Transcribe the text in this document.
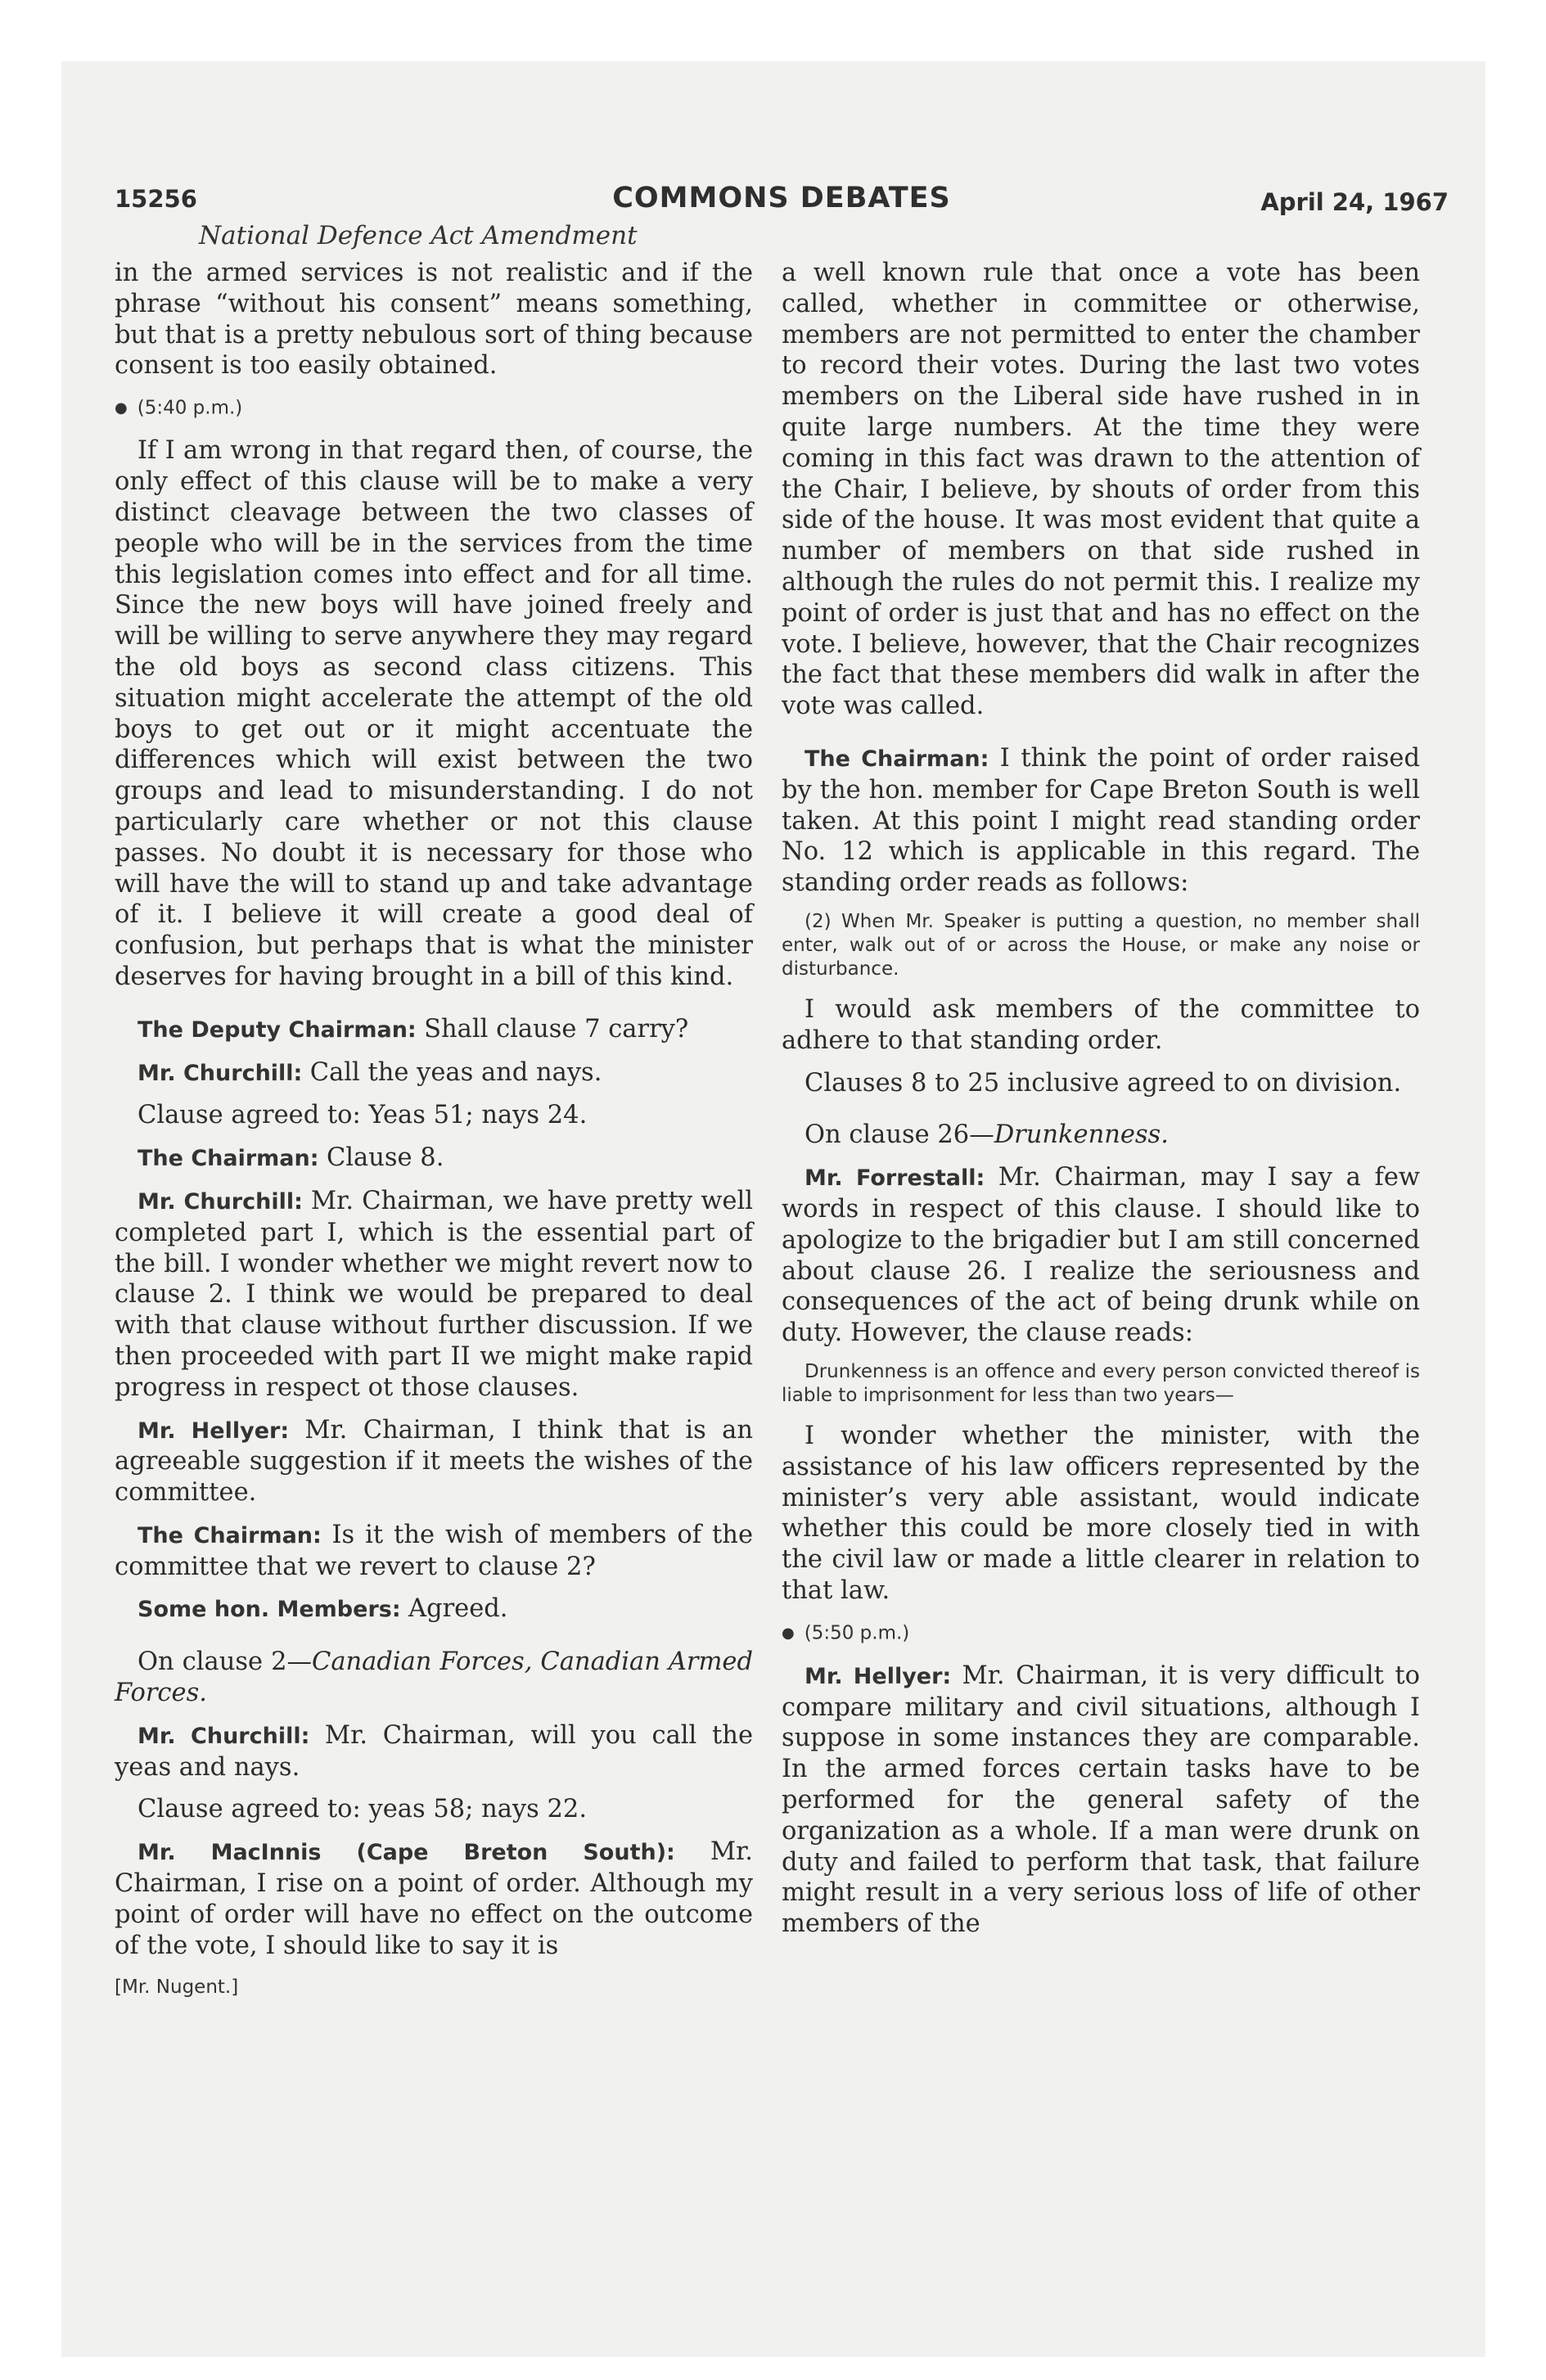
15256	COMMONS DEBATES	April 24, 1967
National Defence Act Amendment

in the armed services is not realistic and if the phrase “without his consent” means something, but that is a pretty nebulous sort of thing because consent is too easily obtained.

● (5:40 p.m.)

If I am wrong in that regard then, of course, the only effect of this clause will be to make a very distinct cleavage between the two classes of people who will be in the services from the time this legislation comes into effect and for all time. Since the new boys will have joined freely and will be willing to serve anywhere they may regard the old boys as second class citizens. This situation might accelerate the attempt of the old boys to get out or it might accentuate the differences which will exist between the two groups and lead to misunderstanding. I do not particularly care whether or not this clause passes. No doubt it is necessary for those who will have the will to stand up and take advantage of it. I believe it will create a good deal of confusion, but perhaps that is what the minister deserves for having brought in a bill of this kind.

The Deputy Chairman: Shall clause 7 carry?

Mr. Churchill: Call the yeas and nays.

Clause agreed to: Yeas 51; nays 24.

The Chairman: Clause 8.

Mr. Churchill: Mr. Chairman, we have pretty well completed part I, which is the essential part of the bill. I wonder whether we might revert now to clause 2. I think we would be prepared to deal with that clause without further discussion. If we then proceeded with part II we might make rapid progress in respect ot those clauses.

Mr. Hellyer: Mr. Chairman, I think that is an agreeable suggestion if it meets the wishes of the committee.

The Chairman: Is it the wish of members of the committee that we revert to clause 2?

Some hon. Members: Agreed.

On clause 2—Canadian Forces, Canadian Armed Forces.

Mr. Churchill: Mr. Chairman, will you call the yeas and nays.

Clause agreed to: yeas 58; nays 22.

Mr. MacInnis (Cape Breton South): Mr. Chairman, I rise on a point of order. Although my point of order will have no effect on the outcome of the vote, I should like to say it is

[Mr. Nugent.]

a well known rule that once a vote has been called, whether in committee or otherwise, members are not permitted to enter the chamber to record their votes. During the last two votes members on the Liberal side have rushed in in quite large numbers. At the time they were coming in this fact was drawn to the attention of the Chair, I believe, by shouts of order from this side of the house. It was most evident that quite a number of members on that side rushed in although the rules do not permit this. I realize my point of order is just that and has no effect on the vote. I believe, however, that the Chair recognizes the fact that these members did walk in after the vote was called.

The Chairman: I think the point of order raised by the hon. member for Cape Breton South is well taken. At this point I might read standing order No. 12 which is applicable in this regard. The standing order reads as follows:

(2) When Mr. Speaker is putting a question, no member shall enter, walk out of or across the House, or make any noise or disturbance.

I would ask members of the committee to adhere to that standing order.

Clauses 8 to 25 inclusive agreed to on division.

On clause 26—Drunkenness.

Mr. Forrestall: Mr. Chairman, may I say a few words in respect of this clause. I should like to apologize to the brigadier but I am still concerned about clause 26. I realize the seriousness and consequences of the act of being drunk while on duty. However, the clause reads:

Drunkenness is an offence and every person convicted thereof is liable to imprisonment for less than two years—

I wonder whether the minister, with the assistance of his law officers represented by the minister’s very able assistant, would indicate whether this could be more closely tied in with the civil law or made a little clearer in relation to that law.

● (5:50 p.m.)

Mr. Hellyer: Mr. Chairman, it is very difficult to compare military and civil situations, although I suppose in some instances they are comparable. In the armed forces certain tasks have to be performed for the general safety of the organization as a whole. If a man were drunk on duty and failed to perform that task, that failure might result in a very serious loss of life of other members of the
